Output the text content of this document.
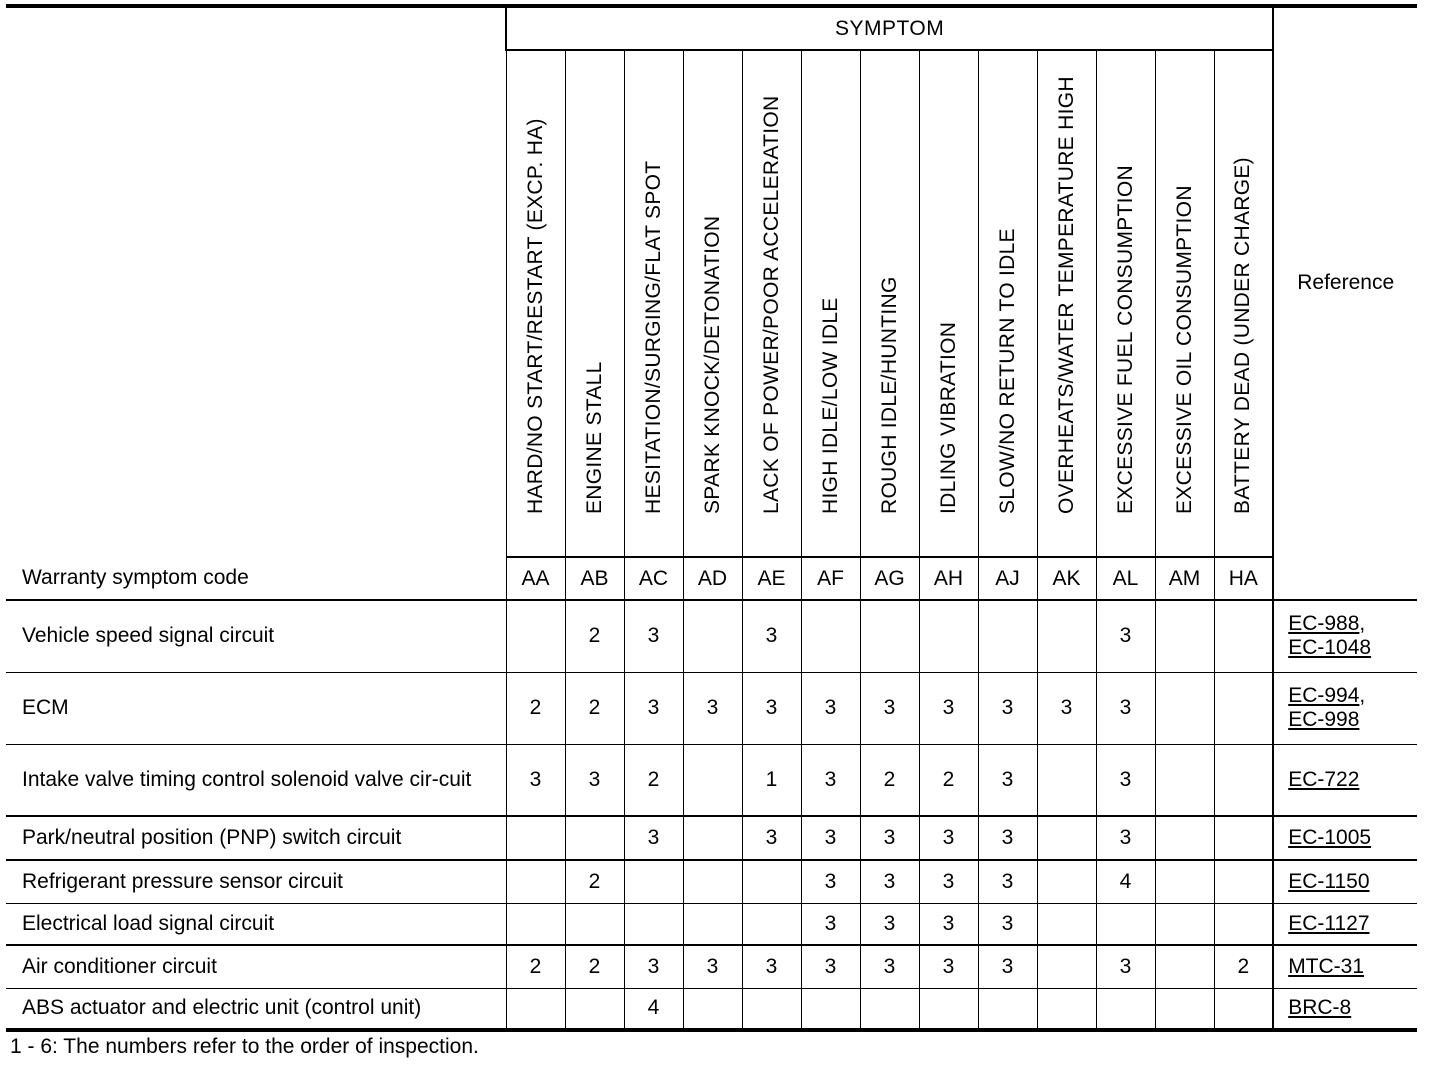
	SYMPTOM													Reference

	HARD/NO START/RESTART (EXCP. HA)	ENGINE STALL	HESITATION/SURGING/FLAT SPOT	SPARK KNOCK/DETONATION	LACK OF POWER/POOR ACCELERATION	HIGH IDLE/LOW IDLE	ROUGH IDLE/HUNTING	IDLING VIBRATION	SLOW/NO RETURN TO IDLE	OVERHEATS/WATER TEMPERATURE HIGH	EXCESSIVE FUEL CONSUMPTION	EXCESSIVE OIL CONSUMPTION	BATTERY DEAD (UNDER CHARGE)	

Warranty symptom code	AA	AB	AC	AD	AE	AF	AG	AH	AJ	AK	AL	AM	HA	
Vehicle speed signal circuit		2	3		3						3			EC-988,
EC-1048
ECM	2	2	3	3	3	3	3	3	3	3	3			EC-994,
EC-998
Intake valve timing control solenoid valve cir-cuit	3	3	2		1	3	2	2	3		3			EC-722
Park/neutral position (PNP) switch circuit			3		3	3	3	3	3		3			EC-1005
Refrigerant pressure sensor circuit		2				3	3	3	3		4			EC-1150
Electrical load signal circuit						3	3	3	3					EC-1127
Air conditioner circuit	2	2	3	3	3	3	3	3	3		3		2	MTC-31
ABS actuator and electric unit (control unit)			4											BRC-8
1 - 6: The numbers refer to the order of inspection.
